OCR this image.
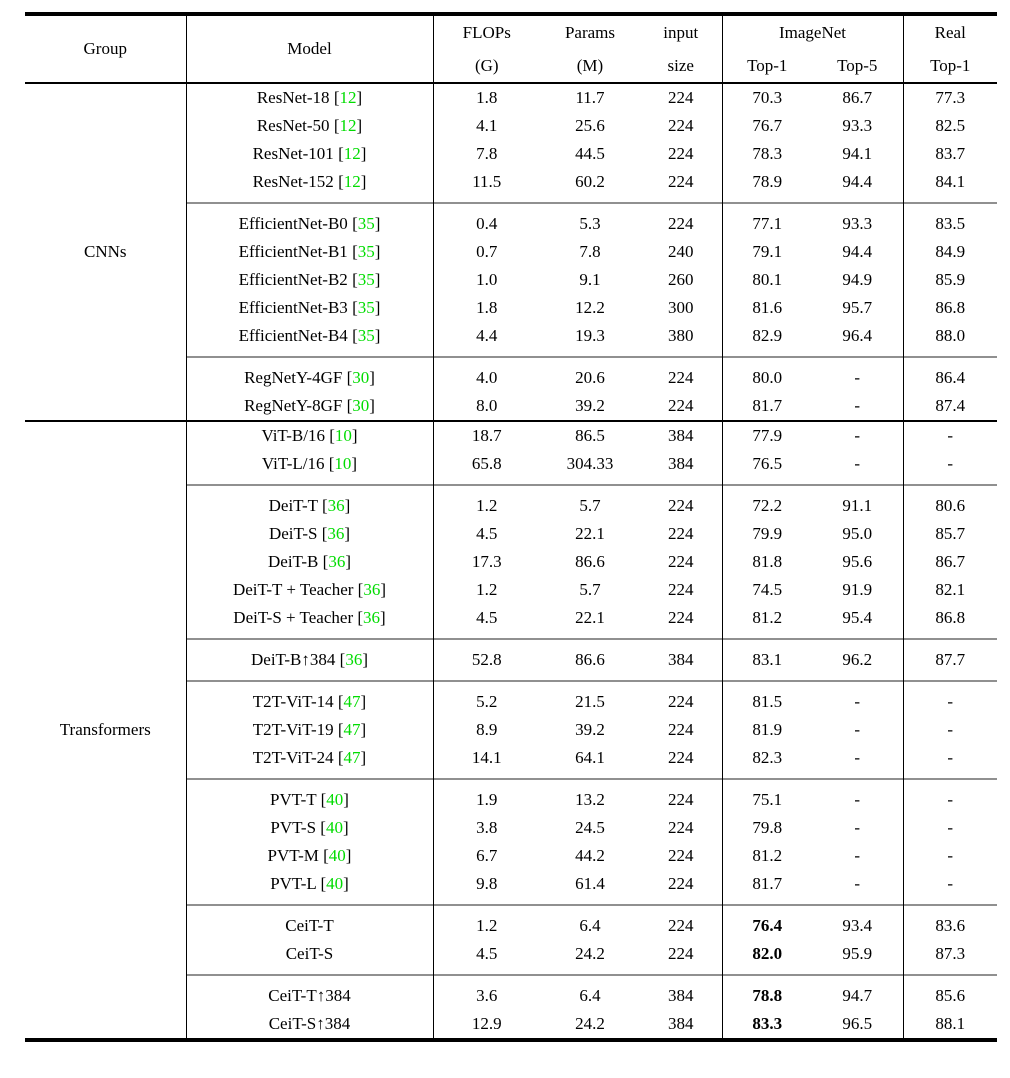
Group	Model	FLOPs	Params	input	ImageNet		Real
		(G)	(M)	size	Top-1	Top-5	Top-1
CNNs	ResNet-18 [12]	1.8	11.7	224	70.3	86.7	77.3
	ResNet-50 [12]	4.1	25.6	224	76.7	93.3	82.5
	ResNet-101 [12]	7.8	44.5	224	78.3	94.1	83.7
	ResNet-152 [12]	11.5	60.2	224	78.9	94.4	84.1

	EfficientNet-B0 [35]	0.4	5.3	224	77.1	93.3	83.5
	EfficientNet-B1 [35]	0.7	7.8	240	79.1	94.4	84.9
	EfficientNet-B2 [35]	1.0	9.1	260	80.1	94.9	85.9
	EfficientNet-B3 [35]	1.8	12.2	300	81.6	95.7	86.8
	EfficientNet-B4 [35]	4.4	19.3	380	82.9	96.4	88.0

	RegNetY-4GF [30]	4.0	20.6	224	80.0	-	86.4
	RegNetY-8GF [30]	8.0	39.2	224	81.7	-	87.4
Transformers	ViT-B/16 [10]	18.7	86.5	384	77.9	-	-
	ViT-L/16 [10]	65.8	304.33	384	76.5	-	-

	DeiT-T [36]	1.2	5.7	224	72.2	91.1	80.6
	DeiT-S [36]	4.5	22.1	224	79.9	95.0	85.7
	DeiT-B [36]	17.3	86.6	224	81.8	95.6	86.7
	DeiT-T + Teacher [36]	1.2	5.7	224	74.5	91.9	82.1
	DeiT-S + Teacher [36]	4.5	22.1	224	81.2	95.4	86.8

	DeiT-B↑384 [36]	52.8	86.6	384	83.1	96.2	87.7

	T2T-ViT-14 [47]	5.2	21.5	224	81.5	-	-
	T2T-ViT-19 [47]	8.9	39.2	224	81.9	-	-
	T2T-ViT-24 [47]	14.1	64.1	224	82.3	-	-

	PVT-T [40]	1.9	13.2	224	75.1	-	-
	PVT-S [40]	3.8	24.5	224	79.8	-	-
	PVT-M [40]	6.7	44.2	224	81.2	-	-
	PVT-L [40]	9.8	61.4	224	81.7	-	-

	CeiT-T	1.2	6.4	224	76.4	93.4	83.6
	CeiT-S	4.5	24.2	224	82.0	95.9	87.3

	CeiT-T↑384	3.6	6.4	384	78.8	94.7	85.6
	CeiT-S↑384	12.9	24.2	384	83.3	96.5	88.1
